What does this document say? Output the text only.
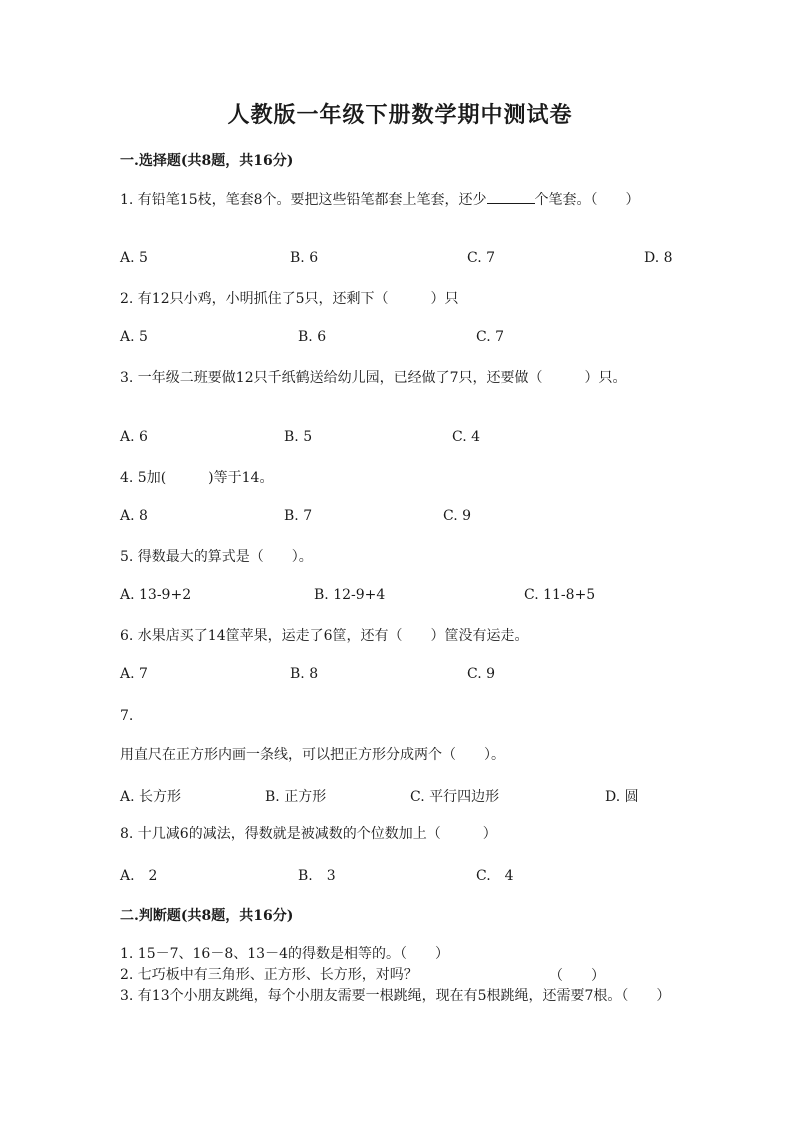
人教版一年级下册数学期中测试卷
一.选择题(共8题，共16分)
1. 有铅笔15枝，笔套8个。要把这些铅笔都套上笔套，还少	个笔套。（　　）
A. 5	B. 6	C. 7	D. 8
2. 有12只小鸡，小明抓住了5只，还剩下（　　　）只
A. 5	B. 6	C. 7
3. 一年级二班要做12只千纸鹤送给幼儿园，已经做了7只，还要做（　　　）只。
A. 6	B. 5	C. 4
4. 5加(　　　)等于14。
A. 8	B. 7	C. 9
5. 得数最大的算式是（　　）。
A. 13-9+2	B. 12-9+4	C. 11-8+5
6. 水果店买了14筐苹果，运走了6筐，还有（　　）筐没有运走。
A. 7	B. 8	C. 9
7.
用直尺在正方形内画一条线，可以把正方形分成两个（　　）。
A. 长方形	B. 正方形	C. 平行四边形	D. 圆
8. 十几减6的减法，得数就是被减数的个位数加上（　　　）
A.　2	B.　3	C.　4
二.判断题(共8题，共16分)
1. 15－7、16－8、13－4的得数是相等的。（　　）
2. 七巧板中有三角形、正方形、长方形，对吗？	（　　）
3. 有13个小朋友跳绳，每个小朋友需要一根跳绳，现在有5根跳绳，还需要7根。（　　）
